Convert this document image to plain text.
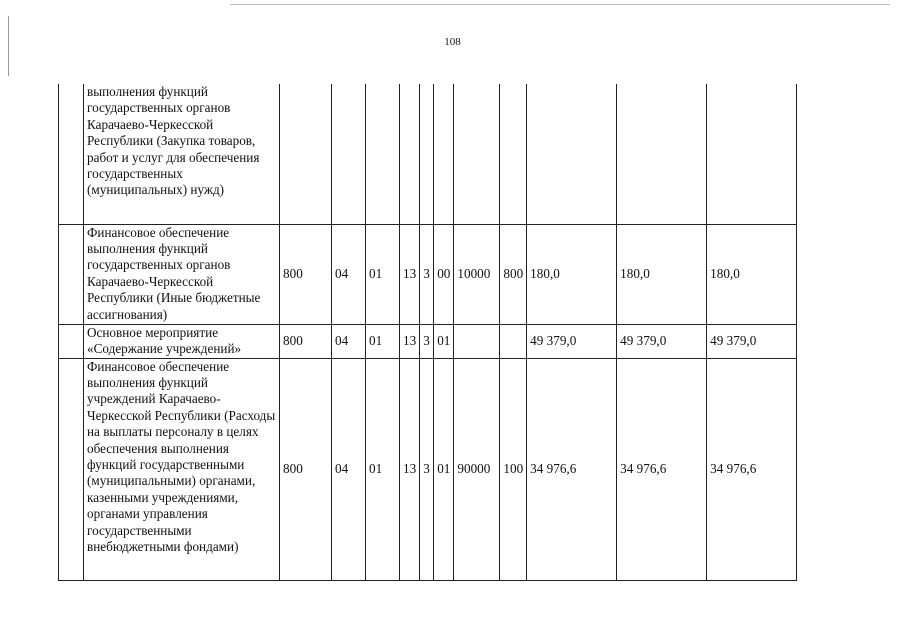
108
	выполнения функций государственных органов Карачаево-Черкесской Республики (Закупка товаров, работ и услуг для обеспечения государственных (муниципальных) нужд)											
	Финансовое обеспечение выполнения функций государственных органов Карачаево-Черкесской Республики (Иные бюджетные ассигнования)	800	04	01	13	3	00	10000	800	180,0	180,0	180,0
	Основное мероприятие «Содержание учреждений»	800	04	01	13	3	01			49 379,0	49 379,0	49 379,0
	Финансовое обеспечение выполнения функций учреждений Карачаево-Черкесской Республики (Расходы на выплаты персоналу в целях обеспечения выполнения функций государственными (муниципальными) органами, казенными учреждениями, органами управления государственными внебюджетными фондами)	800	04	01	13	3	01	90000	100	34 976,6	34 976,6	34 976,6
